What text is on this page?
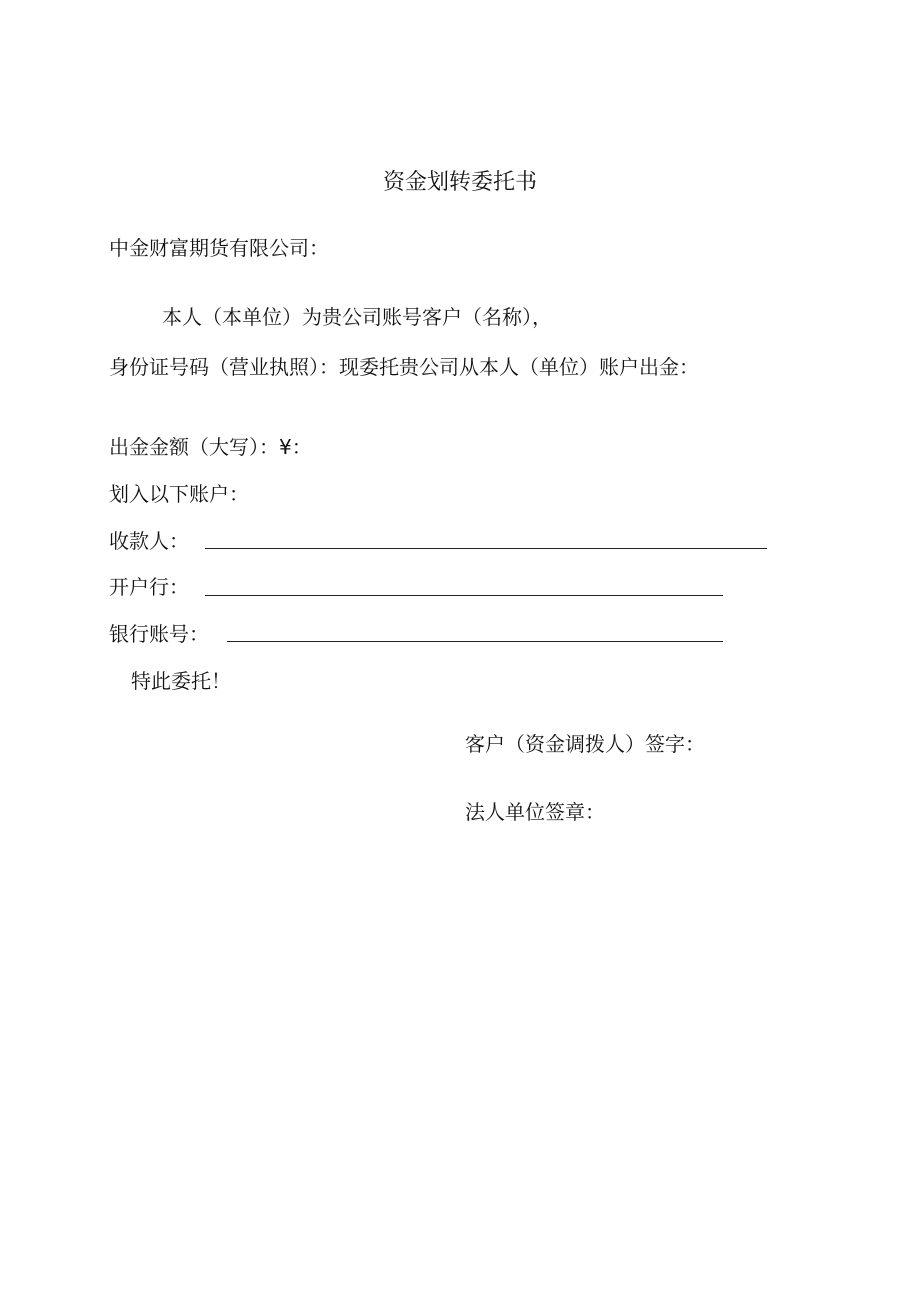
资金划转委托书
中金财富期货有限公司：
本人（本单位）为贵公司账号客户（名称），
身份证号码（营业执照）：现委托贵公司从本人（单位）账户出金：
出金金额（大写）：¥：
划入以下账户：
收款人：
开户行：
银行账号：
特此委托！
客户（资金调拨人）签字：
法人单位签章：
